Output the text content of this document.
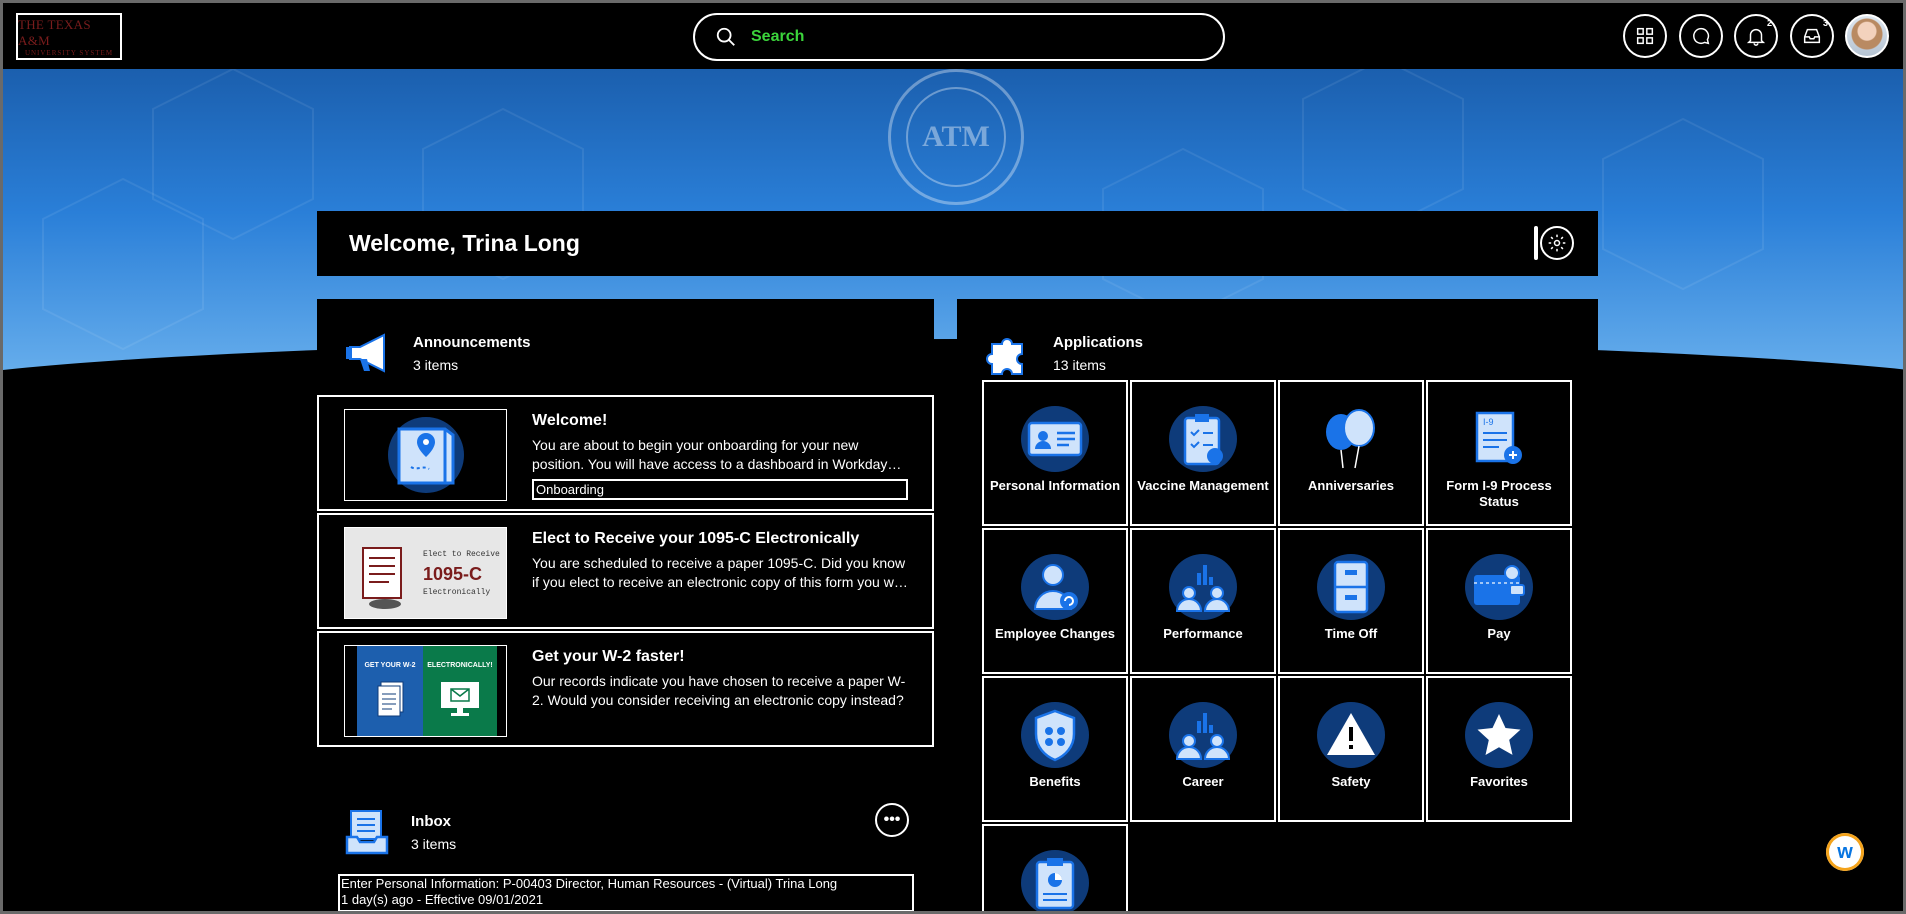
THE TEXAS A&M
UNIVERSITY SYSTEM
Search
2	3
ATM
Welcome, Trina Long
Announcements
3 items
Welcome!
You are about to begin your onboarding for your new position. You will have access to a dashboard in Workday…
Onboarding
Elect to Receive
1095-C
Electronically
Elect to Receive your 1095-C Electronically
You are scheduled to receive a paper 1095-C. Did you know if you elect to receive an electronic copy of this form you w…
GET YOUR W-2	ELECTRONICALLY!
Get your W-2 faster!
Our records indicate you have chosen to receive a paper W-2. Would you consider receiving an electronic copy instead?
Applications
13 items
Personal Information Vaccine Management	Anniversaries
I-9
Form I-9 Process Status
Employee Changes	Performance	Time Off	Pay
Benefits	Career	Safety	Favorites
Inbox
3 items
•••
Enter Personal Information: P-00403 Director, Human Resources - (Virtual) Trina Long
1 day(s) ago - Effective 09/01/2021
w
